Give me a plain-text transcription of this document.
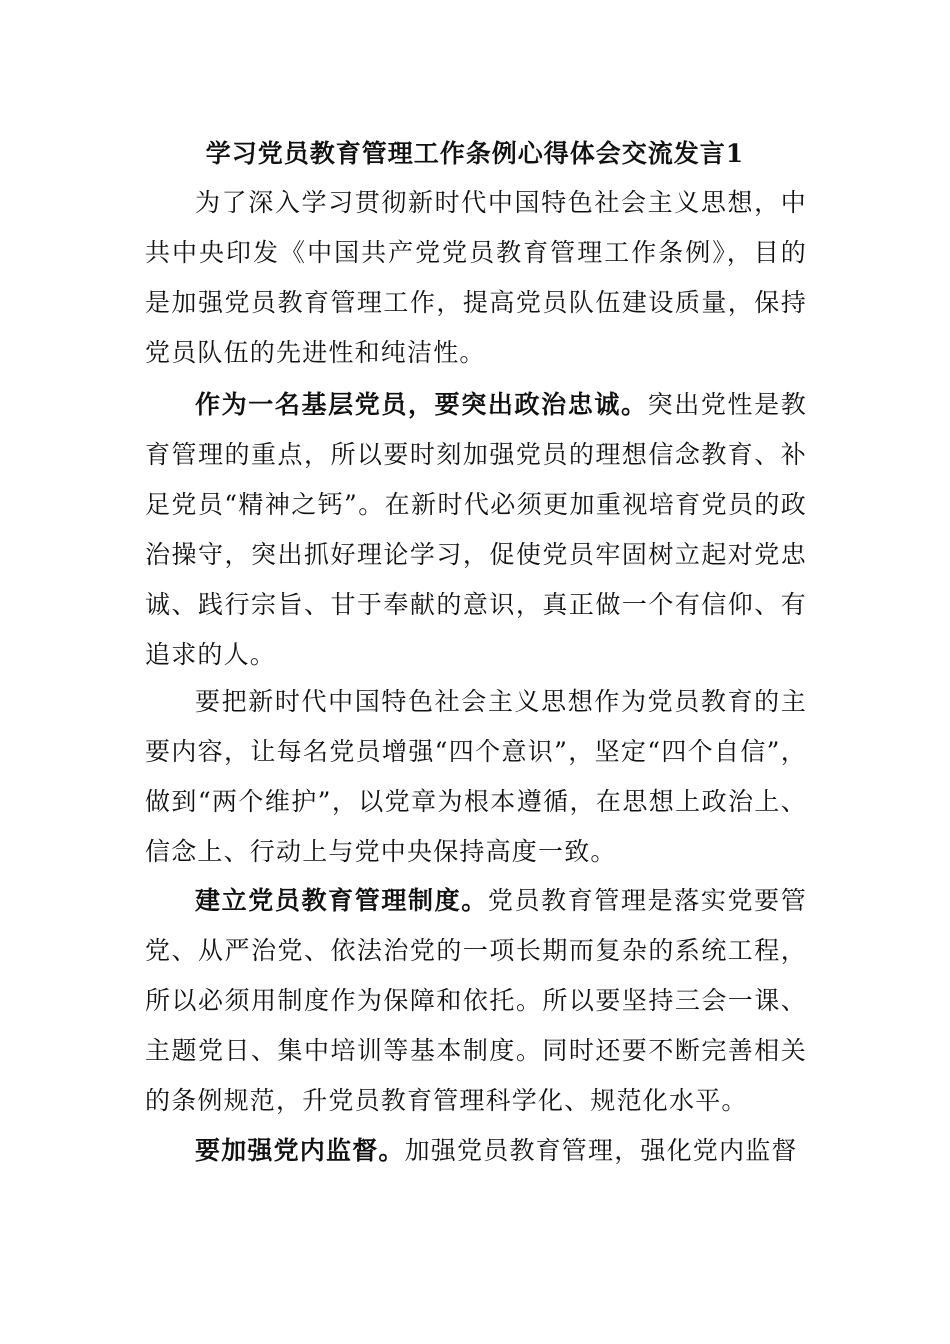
学习党员教育管理工作条例心得体会交流发言1

为了深入学习贯彻新时代中国特色社会主义思想，中共中央印发《中国共产党党员教育管理工作条例》，目的是加强党员教育管理工作，提高党员队伍建设质量，保持党员队伍的先进性和纯洁性。

作为一名基层党员，要突出政治忠诚。突出党性是教育管理的重点，所以要时刻加强党员的理想信念教育、补足党员“精神之钙”。在新时代必须更加重视培育党员的政治操守，突出抓好理论学习，促使党员牢固树立起对党忠诚、践行宗旨、甘于奉献的意识，真正做一个有信仰、有追求的人。

要把新时代中国特色社会主义思想作为党员教育的主要内容，让每名党员增强“四个意识”，坚定“四个自信”，做到“两个维护”，以党章为根本遵循，在思想上政治上、信念上、行动上与党中央保持高度一致。

建立党员教育管理制度。党员教育管理是落实党要管党、从严治党、依法治党的一项长期而复杂的系统工程，所以必须用制度作为保障和依托。所以要坚持三会一课、主题党日、集中培训等基本制度。同时还要不断完善相关的条例规范，升党员教育管理科学化、规范化水平。

要加强党内监督。加强党员教育管理，强化党内监督
